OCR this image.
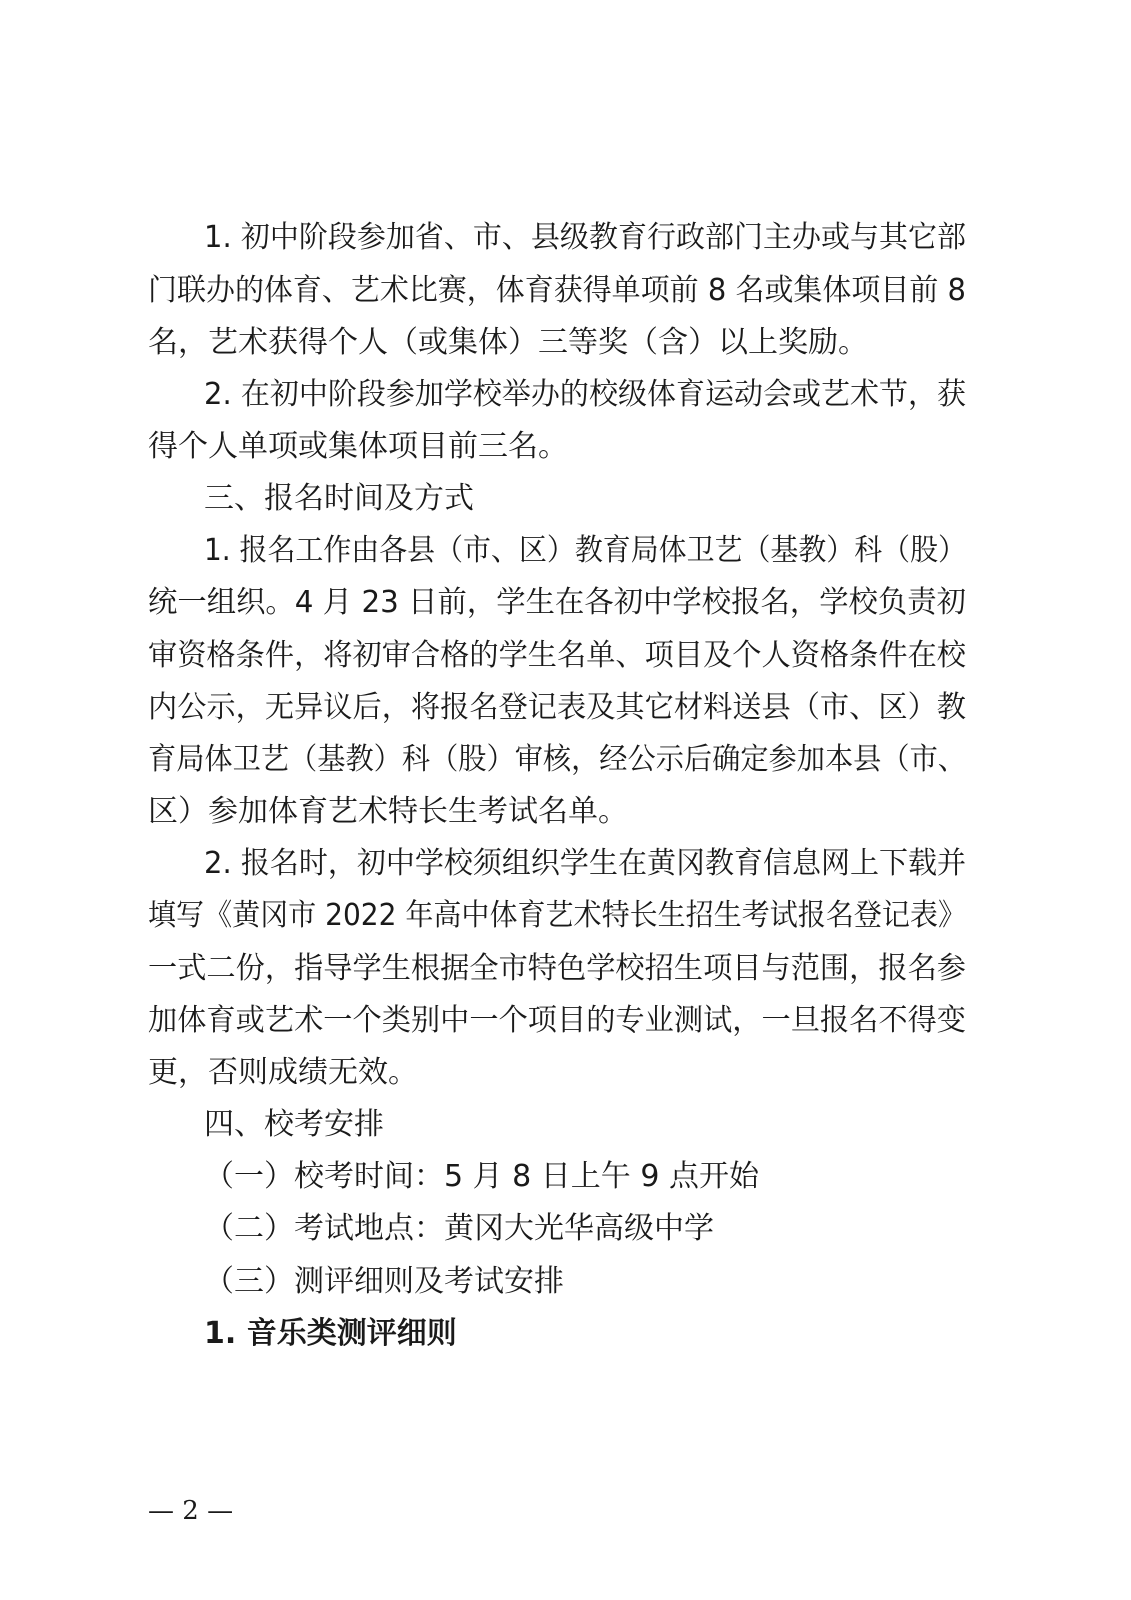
1. 初中阶段参加省、市、县级教育行政部门主办或与其它部
门联办的体育、艺术比赛，体育获得单项前 8 名或集体项目前 8
名，艺术获得个人（或集体）三等奖（含）以上奖励。
2. 在初中阶段参加学校举办的校级体育运动会或艺术节，获
得个人单项或集体项目前三名。
三、报名时间及方式
1. 报名工作由各县（市、区）教育局体卫艺（基教）科（股）
统一组织。4 月 23 日前，学生在各初中学校报名，学校负责初
审资格条件，将初审合格的学生名单、项目及个人资格条件在校
内公示，无异议后，将报名登记表及其它材料送县（市、区）教
育局体卫艺（基教）科（股）审核，经公示后确定参加本县（市、
区）参加体育艺术特长生考试名单。
2. 报名时，初中学校须组织学生在黄冈教育信息网上下载并
填写《黄冈市 2022 年高中体育艺术特长生招生考试报名登记表》
一式二份，指导学生根据全市特色学校招生项目与范围，报名参
加体育或艺术一个类别中一个项目的专业测试，一旦报名不得变
更，否则成绩无效。
四、校考安排
（一）校考时间：5 月 8 日上午 9 点开始
（二）考试地点：黄冈大光华高级中学
（三）测评细则及考试安排
1. 音乐类测评细则
— 2 —
